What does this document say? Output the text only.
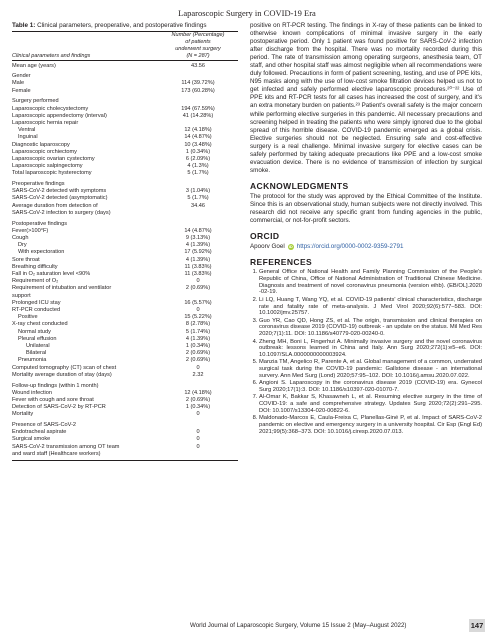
Laparoscopic Surgery in COVID-19 Era
Table 1: Clinical parameters, preoperative, and postoperative findings
Clinical parameters and findings
Number (Percentage)
of patients
underwent surgery
(N = 287)
Mean age (years)	43.56
Gender
Male	114 (39.72%)
Female	173 (60.28%)
Surgery performed
Laparoscopic cholecystectomy	194 (67.59%)
Laparoscopic appendectomy (interval)	41 (14.28%)
Laparoscopic hernia repair
Ventral	12 (4.18%)
Inguinal	14 (4.87%)
Diagnostic laparoscopy	10 (3.48%)
Laparoscopic orchiectomy	1 (0.34%)
Laparoscopic ovarian cystectomy	6 (2.09%)
Laparoscopic salpingectomy	4 (1.3%)
Total laparoscopic hysterectomy	5 (1.7%)
Preoperative findings
SARS-CoV-2 detected with symptoms	3 (1.04%)
SARS-CoV-2 detected (asymptomatic)	5 (1.7%)
Average duration from detection of	34.46
SARS-CoV-2 infection to surgery (days)
Postoperative findings
Fever(>100°F)	14 (4.87%)
Cough	9 (3.13%)
Dry	4 (1.39%)
With expectoration	17 (5.92%)
Sore throat	4 (1.39%)
Breathing difficulty	11 (3.83%)
Fall in O₂ saturation level <90%	11 (3.83%)
Requirement of O₂	0
Requirement of intubation and ventilator	2 (0.69%)
support
Prolonged ICU stay	16 (5.57%)
RT-PCR conducted	0
Positive	15 (5.22%)
X-ray chest conducted	8 (2.78%)
Normal study	5 (1.74%)
Pleural effusion	4 (1.39%)
Unilateral	1 (0.34%)
Bilateral	2 (0.69%)
Pneumonia	2 (0.69%)
Computed tomography (CT) scan of chest	0
Mortality average duration of stay (days)	2.32
Follow-up findings (within 1 month)
Wound infection	12 (4.18%)
Fever with cough and sore throat	2 (0.69%)
Detection of SARS-CoV-2 by RT-PCR	1 (0.34%)
Mortality	0
Presence of SARS-CoV-2
Endotracheal aspirate	0
Surgical smoke	0
SARS-CoV-2 transmission among OT team	0
and ward staff (Healthcare workers)

positive on RT-PCR testing. The findings in X-ray of these patients can be linked to otherwise known complications of minimal invasive surgery in the early postoperative period. Only 1 patient was found positive for SARS-CoV-2 infection after discharge from the hospital. There was no mortality recorded during this period. The rate of transmission among operating surgeons, anesthesia team, OT staff, and other hospital staff was almost negligible when all recommendations were duly followed. Precautions in form of patient screening, testing, and use of PPE kits, N95 masks along with the use of low-cost smoke filtration devices helped us not to get infected and safely performed elective laparoscopic procedures.²⁰⁻²² Use of PPE kits and RT-PCR tests for all cases has increased the cost of surgery, and it's an extra monetary burden on patients.²³ Patient's overall safety is the major concern while performing elective surgeries in this pandemic. All necessary precautions and screening helped in treating the patients who were simply ignored due to the global spread of this horrible disease. COVID-19 pandemic emerged as a global crisis. Elective surgeries should not be neglected. Ensuring safe and cost-effective surgery is a real challenge. Minimal invasive surgery for elective cases can be safely performed by taking adequate precautions like PPE and a low-cost smoke evacuation device. There is no evidence of transmission of infection by surgical smoke.

ACKNOWLEDGMENTS

The protocol for the study was approved by the Ethical Committee of the Institute. Since this is an observational study, human subjects were not directly involved. This research did not receive any specific grant from funding agencies in the public, commercial, or not-for-profit sectors.

ORCID
Apoorv Goel iD https://orcid.org/0000-0002-9359-2791
REFERENCES
1. General Office of National Health and Family Planning Commission of the People's Republic of China, Office of National Administration of Traditional Chinese Medicine. Diagnosis and treatment of novel coronavirus pneumonia (version eihb). (EB/OL].2020 -02-19.
2. Li LQ, Huang T, Wang YQ, et al. COVID-19 patients' clinical characteristics, discharge rate and fatality rate of meta-analysis. J Med Virol 2020;92(6):577–583. DOI: 10.1002/jmv.25757.
3. Guo YR, Cao QD, Hong ZS, et al. The origin, transmission and clinical therapies on coronavirus disease 2019 (COVID-19) outbreak - an update on the status. Mil Med Res 2020;7(1):11. DOI: 10.1186/s40779-020-00240-0.
4. Zheng MH, Boni L, Fingerhut A. Minimally invasive surgery and the novel coronavirus outbreak: lessons learned in China and Italy. Ann Surg 2020;272(1):e5–e6. DOI: 10.1097/SLA.0000000000003924.
5. Manzia TM, Angelico R, Parente A, et al. Global management of a common, underrated surgical task during the COVID-19 pandemic: Gallstone disease - an international survery. Ann Med Surg (Lond) 2020;57:95–102. DOI: 10.1016/j.amsu.2020.07.022.
6. Angioni S. Laparoscopy in the coronavirus disease 2019 (COVID-19) era. Gynecol Surg 2020;17(1):3. DOI: 10.1186/s10397-020-01070-7.
7. Al-Omar K, Bakkar S, Khasawneh L, et al. Resuming elective surgery in the time of COVID-19: a safe and comprehensive strategy. Updates Surg 2020;72(2):291–295. DOI: 10.1007/s13304-020-00822-6.
8. Maldonado-Marcos E, Caula-Freixa C, Planellas-Giné P, et al. Impact of SARS-CoV-2 pandemic on elective and emergency surgery in a university hospital. Cir Esp (Engl Ed) 2021;99(5):368–373. DOI: 10.1016/j.ciresp.2020.07.013.
World Journal of Laparoscopic Surgery, Volume 15 Issue 2 (May–August 2022)	147
